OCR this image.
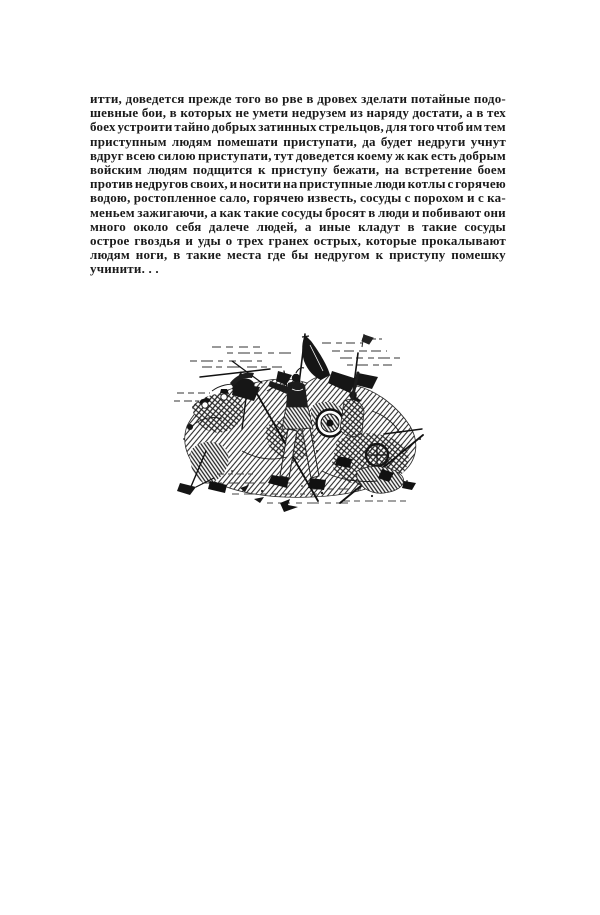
итти, доведется прежде того во рве в дровех зделати потайные подо-
шевные бои, в которых не умети недрузем из наряду достати, а в тех
боех устроити тайно добрых затинных стрельцов, для того чтоб им тем
приступным людям помешати приступати, да будет недруги учнут
вдруг всею силою приступати, тут доведется коему ж как есть добрым
войским людям подщится к приступу бежати, на встретение боем
против недругов своих, и носити на приступные люди котлы с горячею
водою, ростопленное сало, горячею известь, сосуды с порохом и с ка-
меньем зажигаючи, а как такие сосуды бросят в люди и побивают они
много около себя далече людей, а иные кладут в такие сосуды
острое гвоздья и уды о трех гранех острых, которые прокалывают
людям ноги, в такие места где бы недругом к приступу помешку
учинити. . .
